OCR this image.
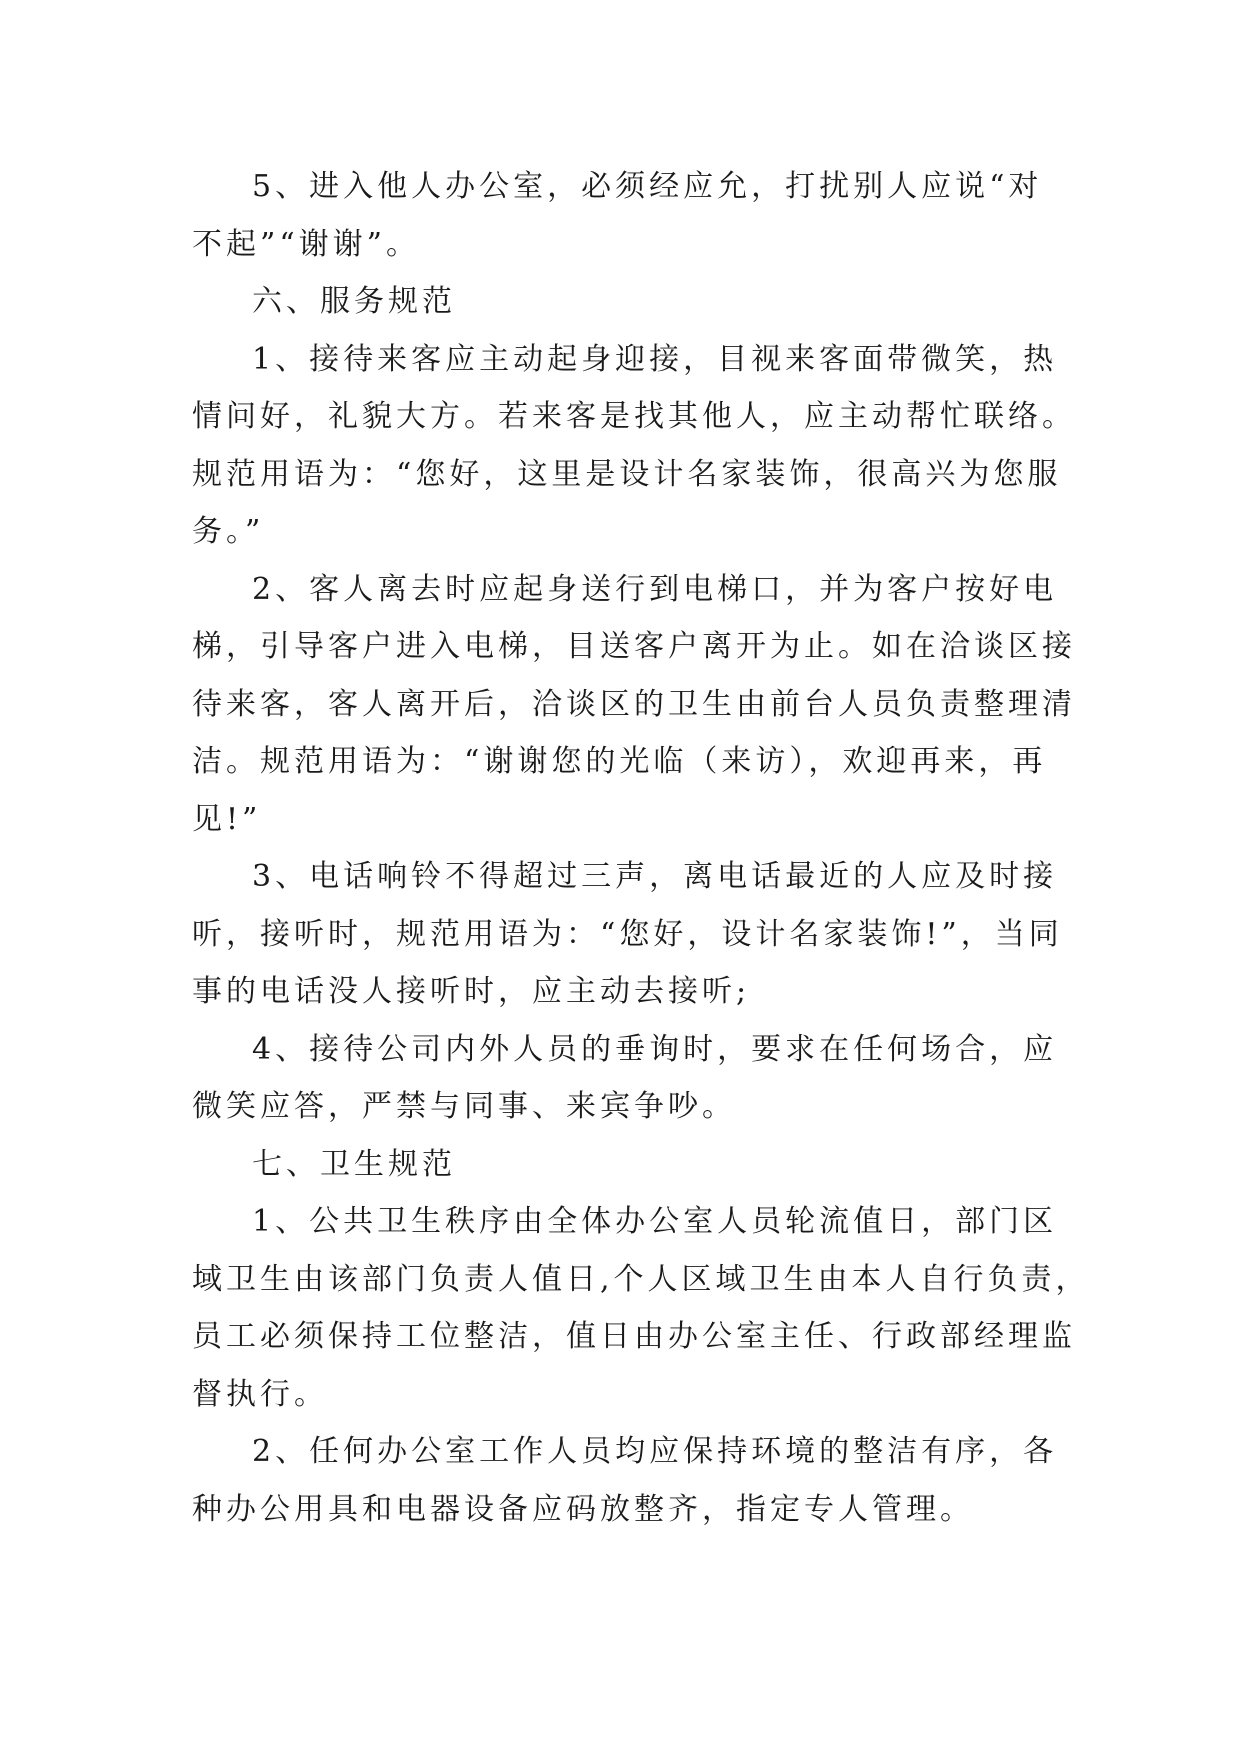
5、进入他人办公室，必须经应允，打扰别人应说“对
不起”“谢谢”。

六、服务规范

1、接待来客应主动起身迎接，目视来客面带微笑，热
情问好，礼貌大方。若来客是找其他人，应主动帮忙联络。
规范用语为：“您好，这里是设计名家装饰，很高兴为您服
务。”

2、客人离去时应起身送行到电梯口，并为客户按好电
梯，引导客户进入电梯，目送客户离开为止。如在洽谈区接
待来客，客人离开后，洽谈区的卫生由前台人员负责整理清
洁。规范用语为：“谢谢您的光临（来访），欢迎再来，再
见!”

3、电话响铃不得超过三声，离电话最近的人应及时接
听，接听时，规范用语为：“您好，设计名家装饰!”，当同
事的电话没人接听时，应主动去接听;

4、接待公司内外人员的垂询时，要求在任何场合，应
微笑应答，严禁与同事、来宾争吵。

七、卫生规范

1、公共卫生秩序由全体办公室人员轮流值日，部门区
域卫生由该部门负责人值日,个人区域卫生由本人自行负责，
员工必须保持工位整洁，值日由办公室主任、行政部经理监
督执行。

2、任何办公室工作人员均应保持环境的整洁有序，各
种办公用具和电器设备应码放整齐，指定专人管理。
